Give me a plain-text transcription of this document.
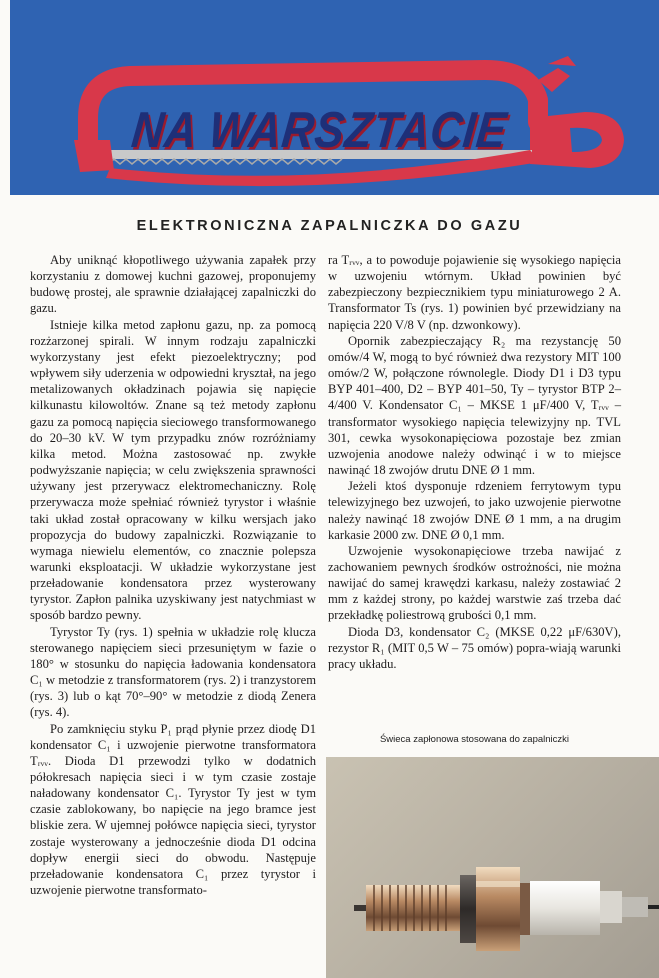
NA WARSZTACIE
ELEKTRONICZNA ZAPALNICZKA DO GAZU

Aby uniknąć kłopotliwego używania zapałek przy korzystaniu z domowej kuchni gazowej, proponujemy budowę prostej, ale sprawnie działającej zapalniczki do gazu.

Istnieje kilka metod zapłonu gazu, np. za pomocą rozżarzonej spirali. W innym rodzaju zapalniczki wykorzystany jest efekt piezoelektryczny; pod wpływem siły uderzenia w odpowiedni kryształ, na jego metalizowanych okładzinach pojawia się napięcie kilkunastu kilowoltów. Znane są też metody zapłonu gazu za pomocą napięcia sieciowego transformowanego do 20–30 kV. W tym przypadku znów rozróżniamy kilka metod. Można zastosować np. zwykłe podwyższanie napięcia; w celu zwiększenia sprawności używany jest przerywacz elektromechaniczny. Rolę przerywacza może spełniać również tyrystor i właśnie taki układ został opracowany w kilku wersjach jako propozycja do budowy zapalniczki. Rozwiązanie to wymaga niewielu elementów, co znacznie polepsza warunki eksploatacji. W układzie wykorzystane jest przeładowanie kondensatora przez wysterowany tyrystor. Zapłon palnika uzyskiwany jest natychmiast w sposób bardzo pewny.

Tyrystor Ty (rys. 1) spełnia w układzie rolę klucza sterowanego napięciem sieci przesuniętym w fazie o 180° w stosunku do napięcia ładowania kondensatora C₁ w metodzie z transformatorem (rys. 2) i tranzystorem (rys. 3) lub o kąt 70°–90° w metodzie z diodą Zenera (rys. 4).

Po zamknięciu styku P₁ prąd płynie przez diodę D1 kondensator C₁ i uzwojenie pierwotne transformatora Tᵣᵥᵥ. Dioda D1 przewodzi tylko w dodatnich półokresach napięcia sieci i w tym czasie zostaje naładowany kondensator C₁. Tyrystor Ty jest w tym czasie zablokowany, bo napięcie na jego bramce jest bliskie zera. W ujemnej połówce napięcia sieci, tyrystor zostaje wysterowany a jednocześnie dioda D1 odcina dopływ energii sieci do obwodu. Następuje przeładowanie kondensatora C₁ przez tyrystor i uzwojenie pierwotne transformato-

ra Tᵣᵥᵥ, a to powoduje pojawienie się wysokiego napięcia w uzwojeniu wtórnym. Układ powinien być zabezpieczony bezpiecznikiem typu miniaturowego 2 A. Transformator Ts (rys. 1) powinien być przewidziany na napięcia 220 V/8 V (np. dzwonkowy).

Opornik zabezpieczający R₂ ma rezystancję 50 omów/4 W, mogą to być również dwa rezystory MIT 100 omów/2 W, połączone równolegle. Diody D1 i D3 typu BYP 401–400, D2 – BYP 401–50, Ty – tyrystor BTP 2–4/400 V. Kondensator C₁ – MKSE 1 μF/400 V, Tᵣᵥᵥ – transformator wysokiego napięcia telewizyjny np. TVL 301, cewka wysokonapięciowa pozostaje bez zmian uzwojenia anodowe należy odwinąć i w to miejsce nawinąć 18 zwojów drutu DNE Ø 1 mm.

Jeżeli ktoś dysponuje rdzeniem ferrytowym typu telewizyjnego bez uzwojeń, to jako uzwojenie pierwotne należy nawinąć 18 zwojów DNE Ø 1 mm, a na drugim karkasie 2000 zw. DNE Ø 0,1 mm.

Uzwojenie wysokonapięciowe trzeba nawijać z zachowaniem pewnych środków ostrożności, nie można nawijać do samej krawędzi karkasu, należy zostawiać 2 mm z każdej strony, po każdej warstwie zaś trzeba dać przekładkę poliestrową grubości 0,1 mm.

Dioda D3, kondensator C₂ (MKSE 0,22 μF/630V), rezystor R₁ (MIT 0,5 W – 75 omów) popra-wiają warunki pracy układu.

Świeca zapłonowa stosowana do zapalniczki
